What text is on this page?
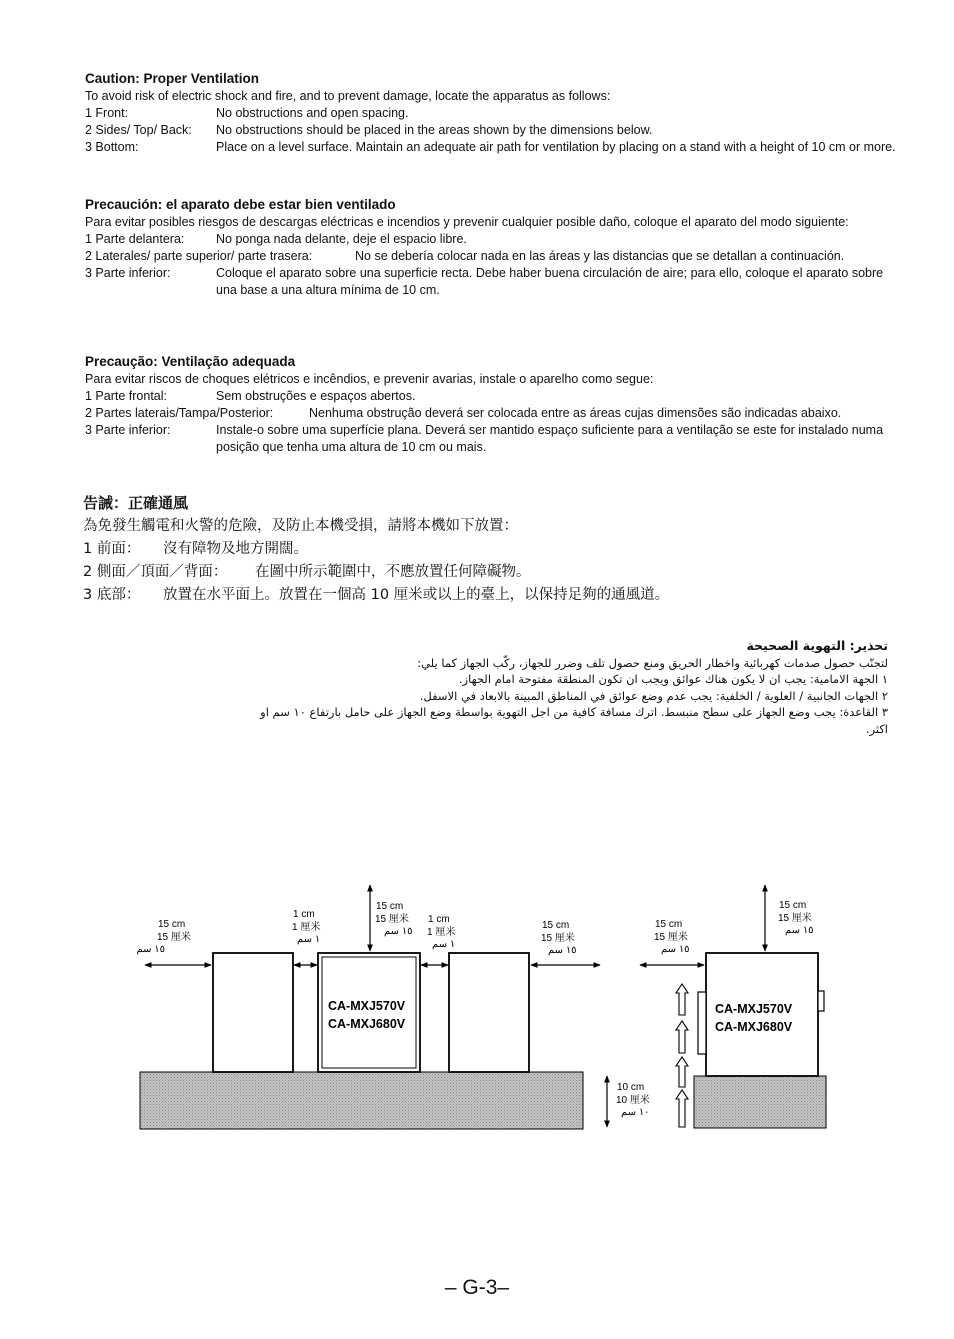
Caution: Proper Ventilation
To avoid risk of electric shock and fire, and to prevent damage, locate the apparatus as follows:
1 Front:	No obstructions and open spacing.
2 Sides/ Top/ Back:	No obstructions should be placed in the areas shown by the dimensions below.
3 Bottom:	Place on a level surface. Maintain an adequate air path for ventilation by placing on a stand with a height of 10 cm or more.
Precaución: el aparato debe estar bien ventilado
Para evitar posibles riesgos de descargas eléctricas e incendios y prevenir cualquier posible daño, coloque el aparato del modo siguiente:
1 Parte delantera:	No ponga nada delante, deje el espacio libre.
2 Laterales/ parte superior/ parte trasera:	No se debería colocar nada en las áreas y las distancias que se detallan a continuación.
3 Parte inferior:	Coloque el aparato sobre una superficie recta. Debe haber buena circulación de aire; para ello, coloque el aparato sobre una base a una altura mínima de 10 cm.
Precaução: Ventilação adequada
Para evitar riscos de choques elétricos e incêndios, e prevenir avarias, instale o aparelho como segue:
1 Parte frontal:	Sem obstruções e espaços abertos.
2 Partes laterais/Tampa/Posterior:	Nenhuma obstrução deverá ser colocada entre as áreas cujas dimensões são indicadas abaixo.
3 Parte inferior:	Instale-o sobre uma superfície plana. Deverá ser mantido espaço suficiente para a ventilação se este for instalado numa posição que tenha uma altura de 10 cm ou mais.
告誡：正確通風
為免發生觸電和火警的危險，及防止本機受損，請將本機如下放置：
1 前面：	沒有障物及地方開闊。
2 側面／頂面／背面：	在圖中所示範圍中，不應放置任何障礙物。
3 底部：	放置在水平面上。放置在一個高 10 厘米或以上的臺上，以保持足夠的通風道。
تحذير: التهوية الصحيحة
لتجنّب حصول صدمات كهربائية واخطار الحريق ومنع حصول تلف وضرر للجهاز، ركّب الجهاز كما يلي:
١ الجهة الامامية: يجب ان لا يكون هناك عوائق ويجب ان تكون المنطقة مفتوحة امام الجهاز.
٢ الجهات الجانبية / العلوية / الخلفية: يجب عدم وضع عوائق في المناطق المبينة بالابعاد في الاسفل.
٣ القاعدة: يجب وضع الجهاز على سطح منبسط. اترك مسافة كافية من اجل التهوية بواسطة وضع الجهاز على حامل بارتفاع ١٠ سم او اكثر.
CA-MXJ570V
CA-MXJ680V
CA-MXJ570V
CA-MXJ680V
15 cm
15 厘米
١٥ سم
15 cm
15 厘米
١٥ سم
15 cm
15 厘米
١٥ سم
15 cm
15 厘米
١٥ سم
15 cm
15 厘米
١٥ سم
1 cm
1 厘米
١ سم
1 cm
1 厘米
١ سم
10 cm
10 厘米
١٠ سم
– G-3–
